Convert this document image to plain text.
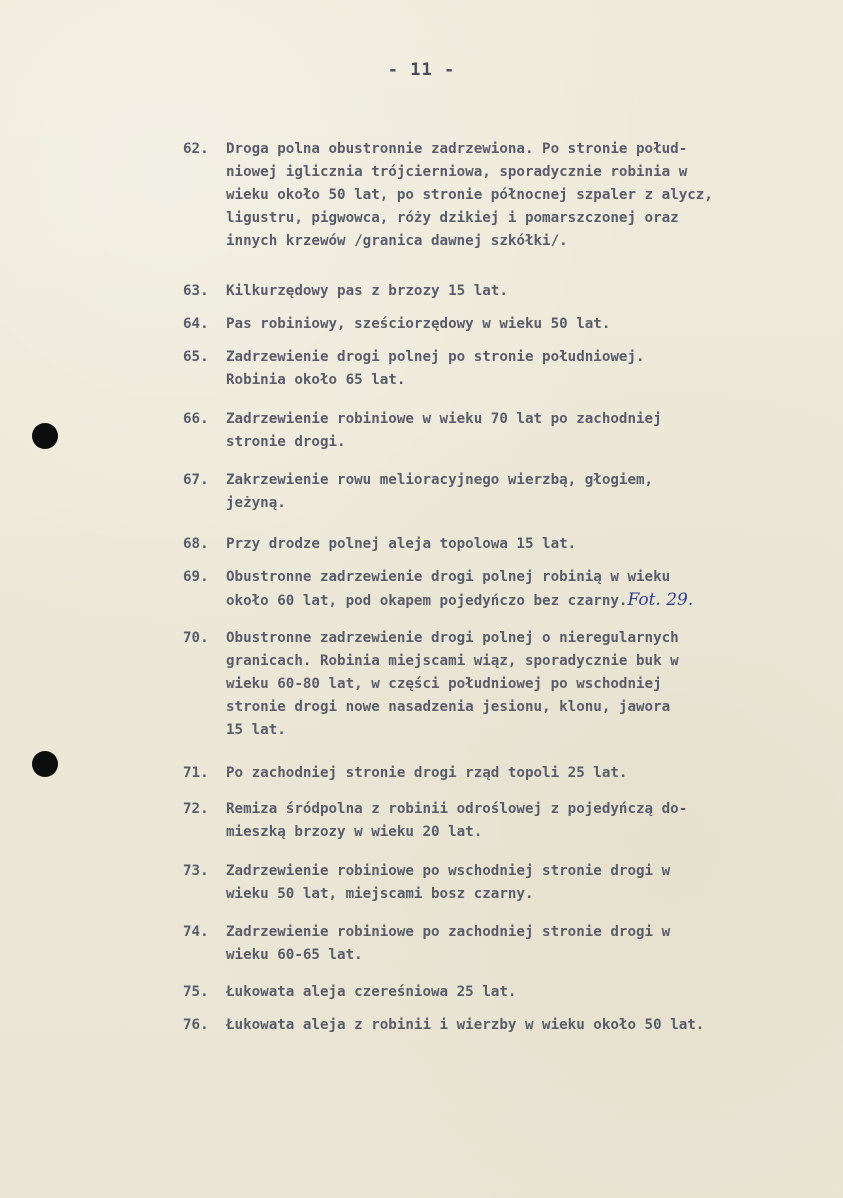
- 11 -
62.	Droga polna obustronnie zadrzewiona. Po stronie połud-
niowej iglicznia trójcierniowa, sporadycznie robinia w
wieku około 50 lat, po stronie północnej szpaler z alycz,
ligustru, pigwowca, róży dzikiej i pomarszczonej oraz
innych krzewów /granica dawnej szkółki/.
63.	Kilkurzędowy pas z brzozy 15 lat.
64.	Pas robiniowy, sześciorzędowy w wieku 50 lat.
65.	Zadrzewienie drogi polnej po stronie południowej.
Robinia około 65 lat.
66.	Zadrzewienie robiniowe w wieku 70 lat po zachodniej
stronie drogi.
67.	Zakrzewienie rowu melioracyjnego wierzbą, głogiem,
jeżyną.
68.	Przy drodze polnej aleja topolowa 15 lat.
69.	Obustronne zadrzewienie drogi polnej robinią w wieku
około 60 lat, pod okapem pojedyńczo bez czarny.Fot. 29.
70.	Obustronne zadrzewienie drogi polnej o nieregularnych
granicach. Robinia miejscami wiąz, sporadycznie buk w
wieku 60-80 lat, w części południowej po wschodniej
stronie drogi nowe nasadzenia jesionu, klonu, jawora
15 lat.
71.	Po zachodniej stronie drogi rząd topoli 25 lat.
72.	Remiza śródpolna z robinii odroślowej z pojedyńczą do-
mieszką brzozy w wieku 20 lat.
73.	Zadrzewienie robiniowe po wschodniej stronie drogi w
wieku 50 lat, miejscami bosz czarny.
74.	Zadrzewienie robiniowe po zachodniej stronie drogi w
wieku 60-65 lat.
75.	Łukowata aleja czereśniowa 25 lat.
76.	Łukowata aleja z robinii i wierzby w wieku około 50 lat.
